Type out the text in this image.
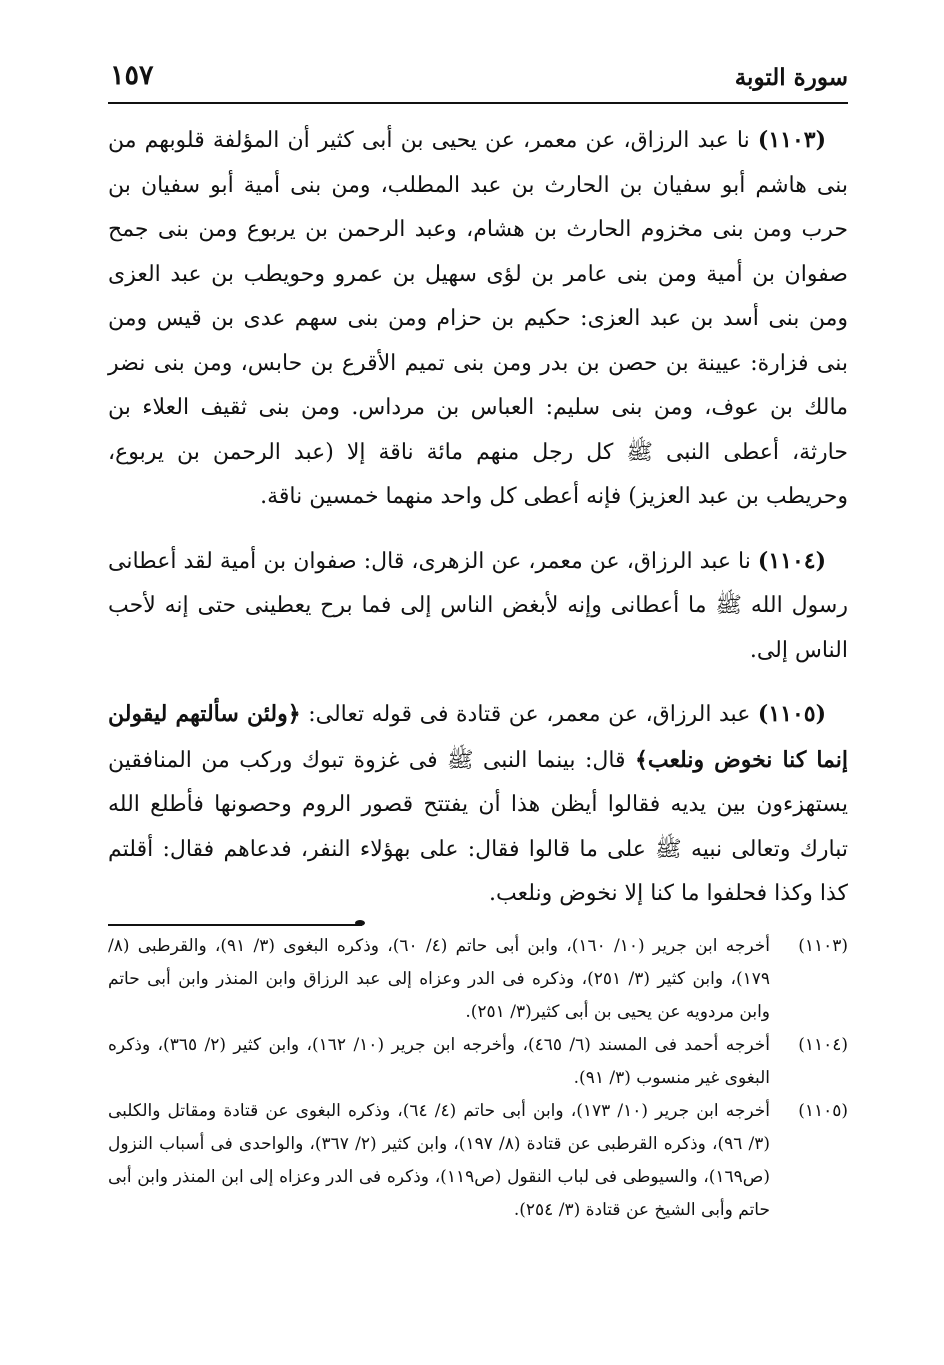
سورة التوبة
١٥٧

(١١٠٣) نا عبد الرزاق، عن معمر، عن يحيى بن أبى كثير أن المؤلفة قلوبهم من بنى هاشم أبو سفيان بن الحارث بن عبد المطلب، ومن بنى أمية أبو سفيان بن حرب ومن بنى مخزوم الحارث بن هشام، وعبد الرحمن بن يربوع ومن بنى جمح صفوان بن أمية ومن بنى عامر بن لؤى سهيل بن عمرو وحويطب بن عبد العزى ومن بنى أسد بن عبد العزى: حكيم بن حزام ومن بنى سهم عدى بن قيس ومن بنى فزارة: عيينة بن حصن بن بدر ومن بنى تميم الأقرع بن حابس، ومن بنى نضر مالك بن عوف، ومن بنى سليم: العباس بن مرداس. ومن بنى ثقيف العلاء بن حارثة، أعطى النبى ﷺ كل رجل منهم مائة ناقة إلا (عبد الرحمن بن يربوع، وحريطب بن عبد العزيز) فإنه أعطى كل واحد منهما خمسين ناقة.

(١١٠٤) نا عبد الرزاق، عن معمر، عن الزهرى، قال: صفوان بن أمية لقد أعطانى رسول الله ﷺ ما أعطانى وإنه لأبغض الناس إلى فما برح يعطينى حتى إنه لأحب الناس إلى.

(١١٠٥) عبد الرزاق، عن معمر، عن قتادة فى قوله تعالى: ﴿ولئن سألتهم ليقولن إنما كنا نخوض ونلعب﴾ قال: بينما النبى ﷺ فى غزوة تبوك وركب من المنافقين يستهزءون بين يديه فقالوا أيظن هذا أن يفتتح قصور الروم وحصونها فأطلع الله تبارك وتعالى نبيه ﷺ على ما قالوا فقال: على بهؤلاء النفر، فدعاهم فقال: أقلتم كذا وكذا فحلفوا ما كنا إلا نخوض ونلعب.

(١١٠٣)
أخرجه ابن جرير (١٠/ ١٦٠)، وابن أبى حاتم (٤/ ٦٠)، وذكره البغوى (٣/ ٩١)، والقرطبى (٨/ ١٧٩)، وابن كثير (٣/ ٢٥١)، وذكره فى الدر وعزاه إلى عبد الرزاق وابن المنذر وابن أبى حاتم وابن مردويه عن يحيى بن أبى كثير(٣/ ٢٥١).
(١١٠٤)
أخرجه أحمد فى المسند (٦/ ٤٦٥)، وأخرجه ابن جرير (١٠/ ١٦٢)، وابن كثير (٢/ ٣٦٥)، وذكره البغوى غير منسوب (٣/ ٩١).
(١١٠٥)
أخرجه ابن جرير (١٠/ ١٧٣)، وابن أبى حاتم (٤/ ٦٤)، وذكره البغوى عن قتادة ومقاتل والكلبى (٣/ ٩٦)، وذكره القرطبى عن قتادة (٨/ ١٩٧)، وابن كثير (٢/ ٣٦٧)، والواحدى فى أسباب النزول (ص١٦٩)، والسيوطى فى لباب النقول (ص١١٩)، وذكره فى الدر وعزاه إلى ابن المنذر وابن أبى حاتم وأبى الشيخ عن قتادة (٣/ ٢٥٤).
